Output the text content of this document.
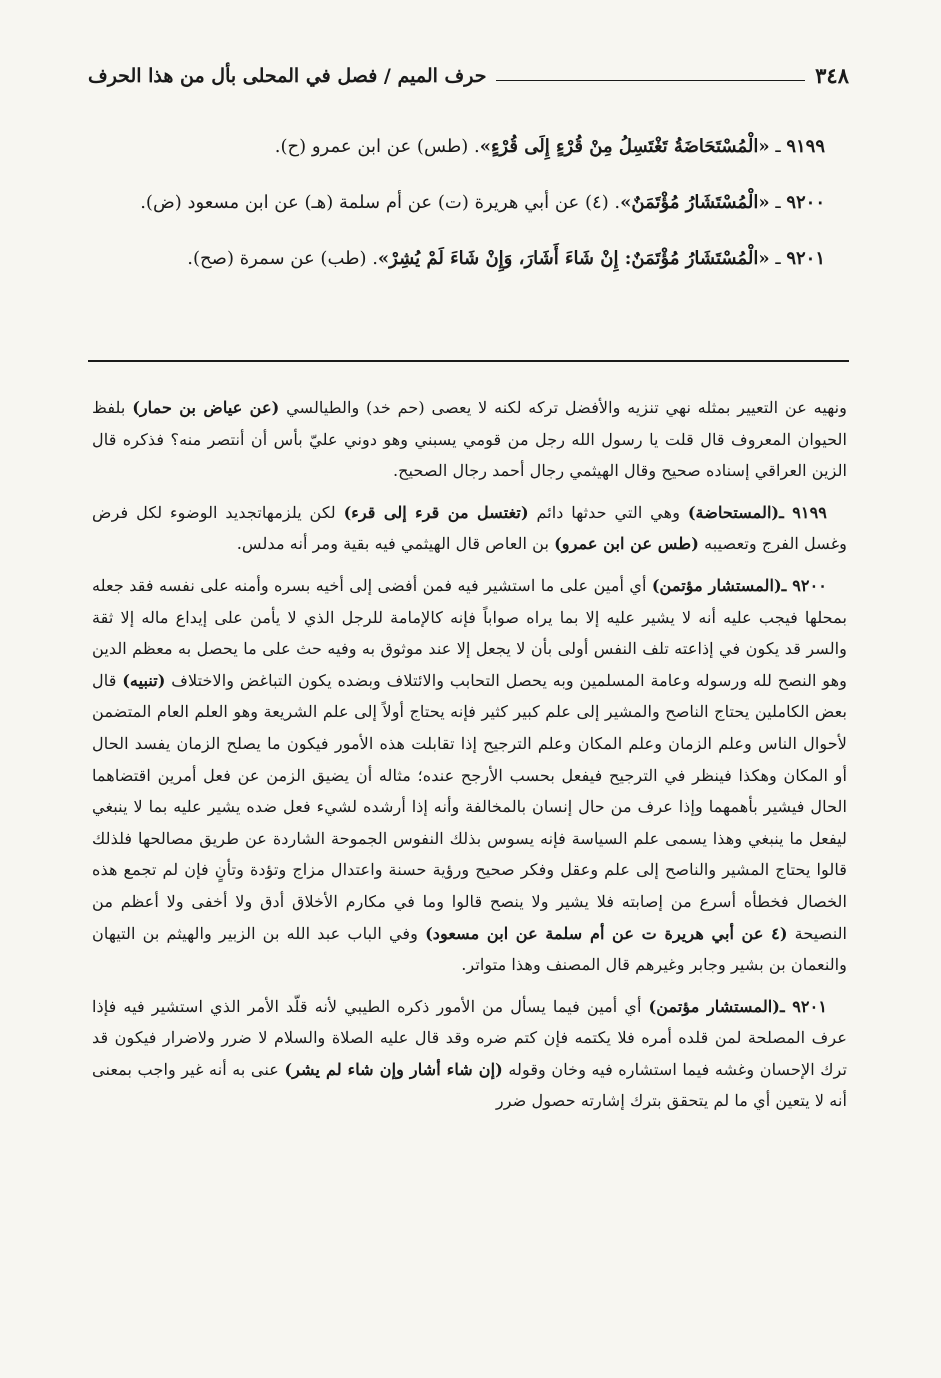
٣٤٨
حرف الميم / فصل في المحلى بأل من هذا الحرف

٩١٩٩ ـ «الْمُسْتَحَاضَةُ تَغْتَسِلُ مِنْ قُرْءٍ إِلَى قُرْءٍ». (طس) عن ابن عمرو (ح).

٩٢٠٠ ـ «الْمُسْتَشَارُ مُؤْتَمَنٌ». (٤) عن أبي هريرة (ت) عن أم سلمة (هـ) عن ابن مسعود (ض).

٩٢٠١ ـ «الْمُسْتَشَارُ مُؤْتَمَنٌ: إِنْ شَاءَ أَشَارَ، وَإِنْ شَاءَ لَمْ يُشِرْ». (طب) عن سمرة (صح).

ونهيه عن التعيير بمثله نهي تنزيه والأفضل تركه لكنه لا يعصى (حم خد) والطيالسي (عن عياض بن حمار) بلفظ الحيوان المعروف قال قلت يا رسول الله رجل من قومي يسبني وهو دوني عليّ بأس أن أنتصر منه؟ فذكره قال الزين العراقي إسناده صحيح وقال الهيثمي رجال أحمد رجال الصحيح.

٩١٩٩ ـ(المستحاضة) وهي التي حدثها دائم (تغتسل من قرء إلى قرء) لكن يلزمهاتجديد الوضوء لكل فرض وغسل الفرج وتعصيبه (طس عن ابن عمرو) بن العاص قال الهيثمي فيه بقية ومر أنه مدلس.

٩٢٠٠ ـ(المستشار مؤتمن) أي أمين على ما استشير فيه فمن أفضى إلى أخيه بسره وأمنه على نفسه فقد جعله بمحلها فيجب عليه أنه لا يشير عليه إلا بما يراه صواباً فإنه كالإمامة للرجل الذي لا يأمن على إيداع ماله إلا ثقة والسر قد يكون في إذاعته تلف النفس أولى بأن لا يجعل إلا عند موثوق به وفيه حث على ما يحصل به معظم الدين وهو النصح لله ورسوله وعامة المسلمين وبه يحصل التحابب والائتلاف وبضده يكون التباغض والاختلاف (تنبيه) قال بعض الكاملين يحتاج الناصح والمشير إلى علم كبير كثير فإنه يحتاج أولاً إلى علم الشريعة وهو العلم العام المتضمن لأحوال الناس وعلم الزمان وعلم المكان وعلم الترجيح إذا تقابلت هذه الأمور فيكون ما يصلح الزمان يفسد الحال أو المكان وهكذا فينظر في الترجيح فيفعل بحسب الأرجح عنده؛ مثاله أن يضيق الزمن عن فعل أمرين اقتضاهما الحال فيشير بأهمهما وإذا عرف من حال إنسان بالمخالفة وأنه إذا أرشده لشيء فعل ضده يشير عليه بما لا ينبغي ليفعل ما ينبغي وهذا يسمى علم السياسة فإنه يسوس بذلك النفوس الجموحة الشاردة عن طريق مصالحها فلذلك قالوا يحتاج المشير والناصح إلى علم وعقل وفكر صحيح ورؤية حسنة واعتدال مزاج وتؤدة وتأنٍ فإن لم تجمع هذه الخصال فخطأه أسرع من إصابته فلا يشير ولا ينصح قالوا وما في مكارم الأخلاق أدق ولا أخفى ولا أعظم من النصيحة (٤ عن أبي هريرة ت عن أم سلمة عن ابن مسعود) وفي الباب عبد الله بن الزبير والهيثم بن التيهان والنعمان بن بشير وجابر وغيرهم قال المصنف وهذا متواتر.

٩٢٠١ ـ(المستشار مؤتمن) أي أمين فيما يسأل من الأمور ذكره الطيبي لأنه قلّد الأمر الذي استشير فيه فإذا عرف المصلحة لمن قلده أمره فلا يكتمه فإن كتم ضره وقد قال عليه الصلاة والسلام لا ضرر ولاضرار فيكون قد ترك الإحسان وغشه فيما استشاره فيه وخان وقوله (إن شاء أشار وإن شاء لم يشر) عنى به أنه غير واجب بمعنى أنه لا يتعين أي ما لم يتحقق بترك إشارته حصول ضرر
